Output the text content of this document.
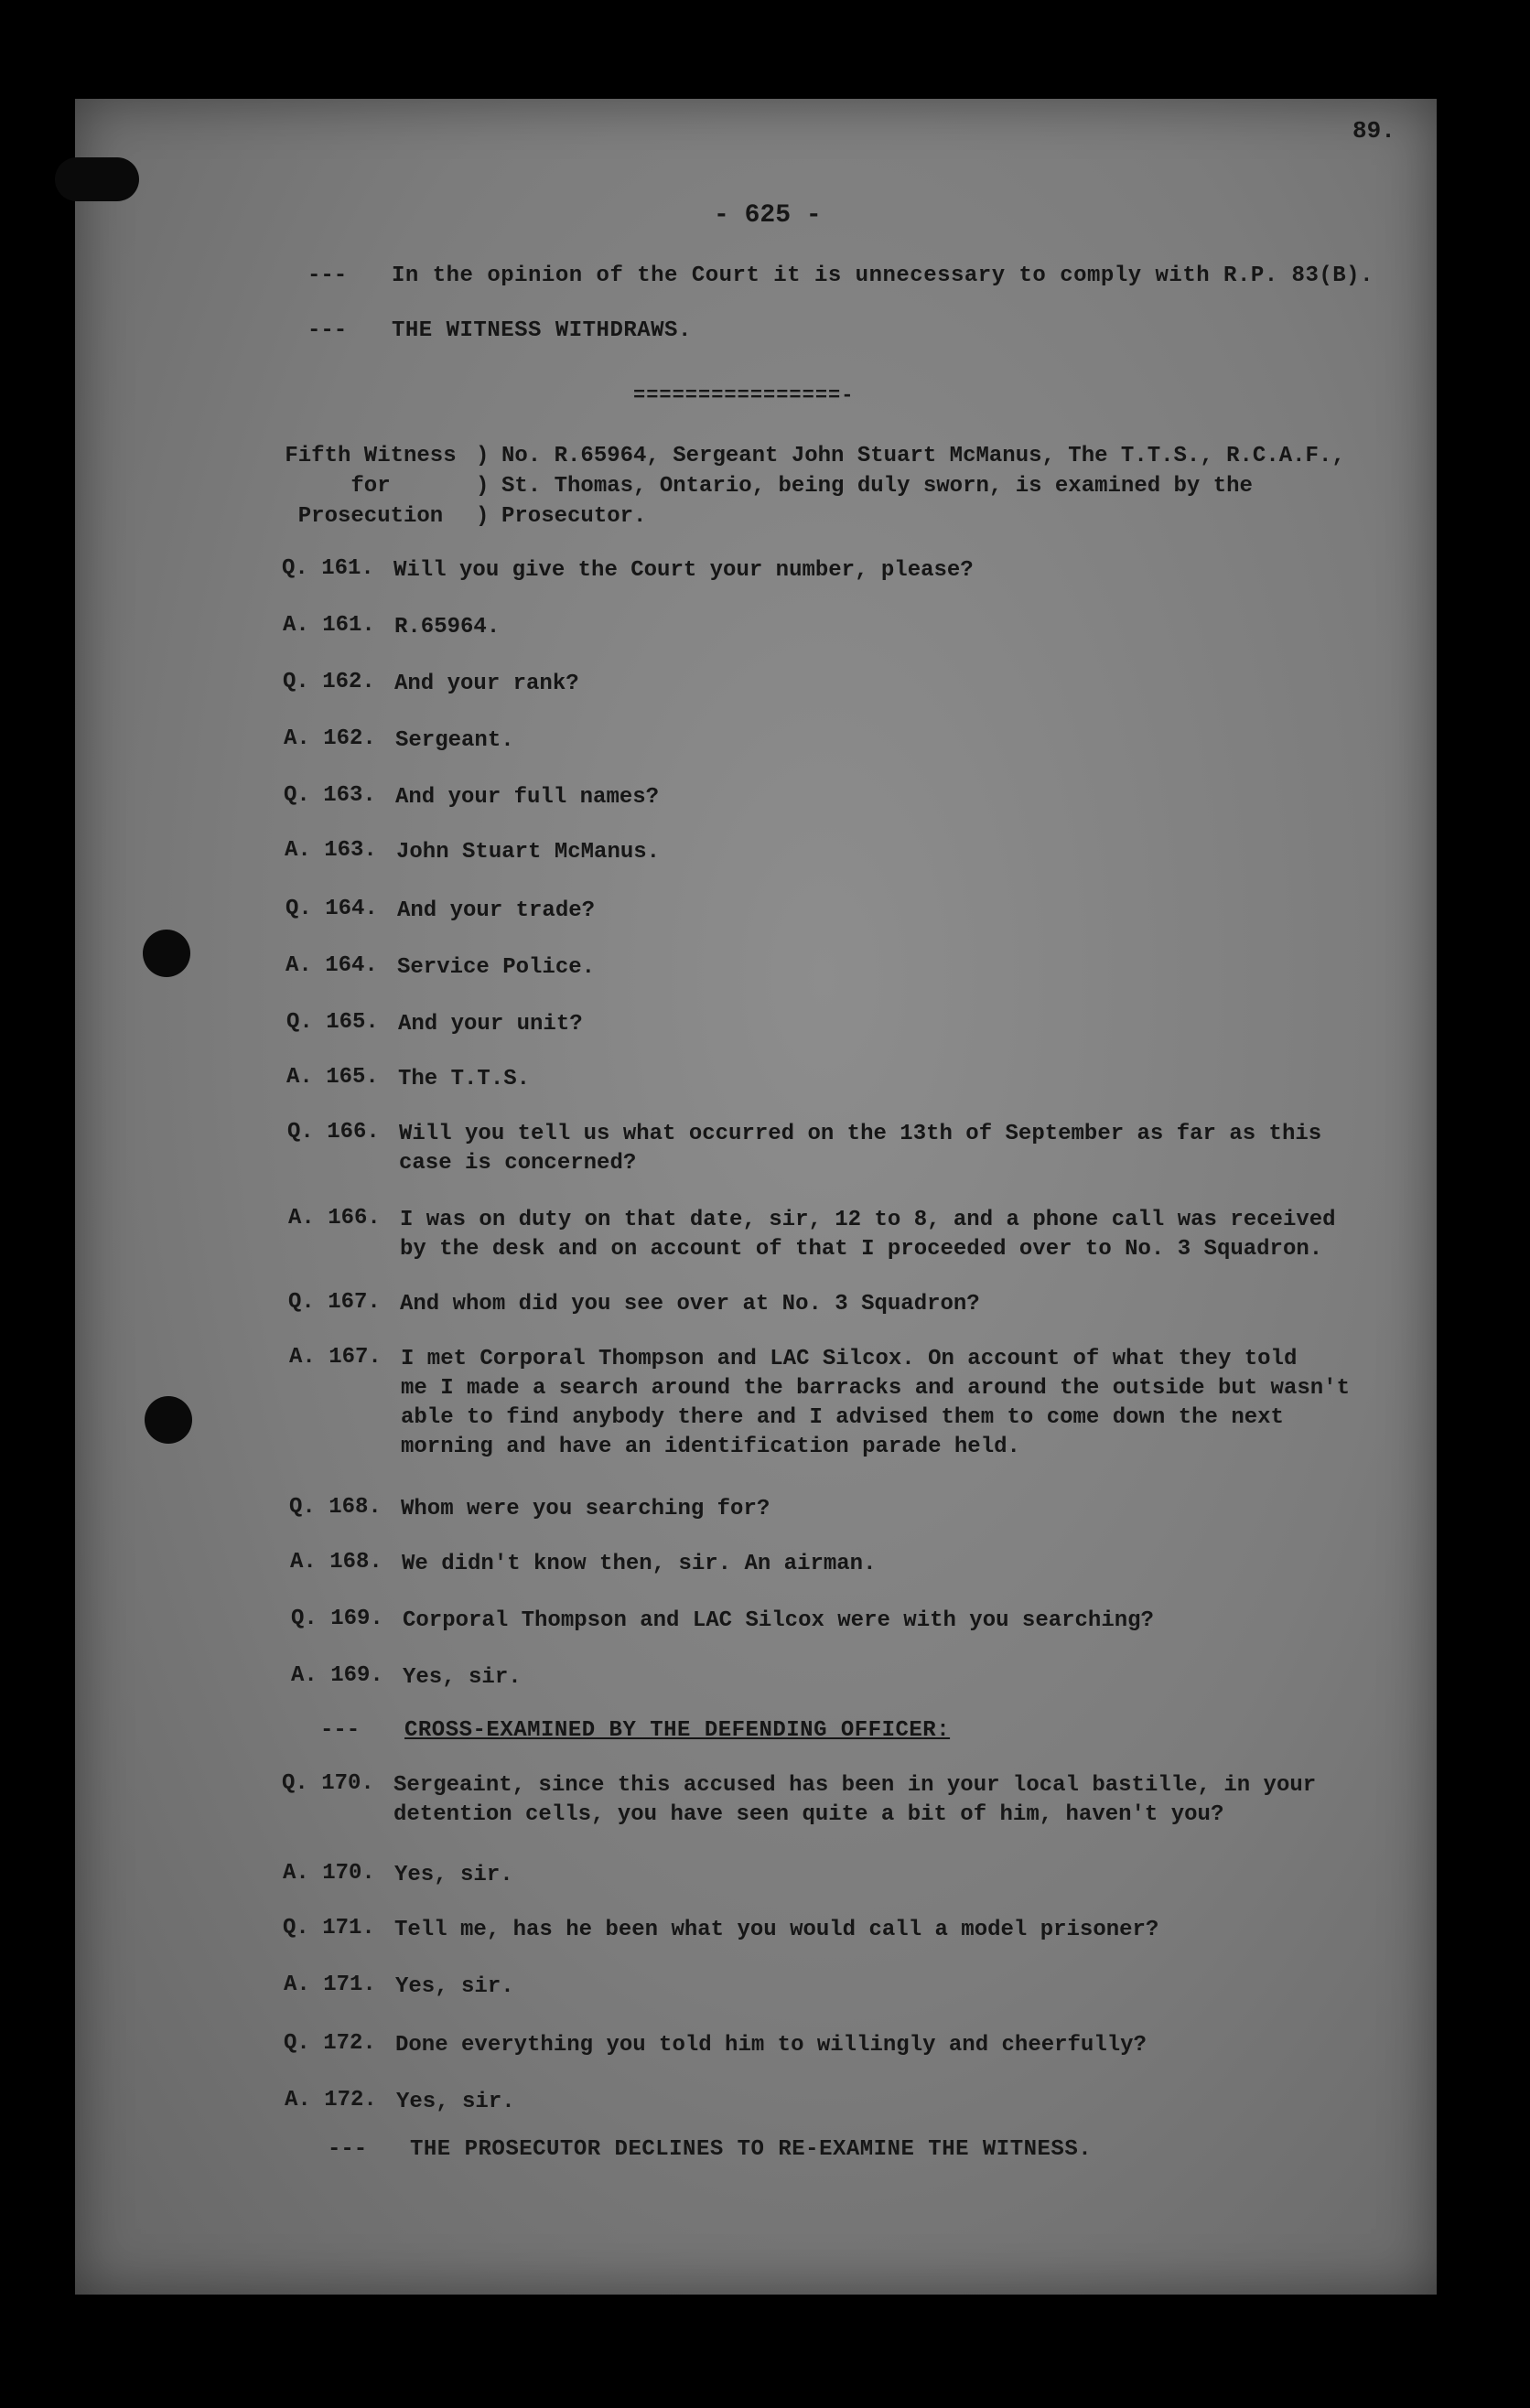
89.
- 625 -
--- In the opinion of the Court it is unnecessary to comply with R.P. 83(B).
--- THE WITNESS WITHDRAWS.
================-
Fifth Witness
for
Prosecution
)
)
)
No. R.65964, Sergeant John Stuart McManus, The T.T.S., R.C.A.F.,
St. Thomas, Ontario, being duly sworn, is examined by the
Prosecutor.
Q. 161. Will you give the Court your number, please?
A. 161. R.65964.
Q. 162. And your rank?
A. 162. Sergeant.
Q. 163. And your full names?
A. 163. John Stuart McManus.
Q. 164. And your trade?
A. 164. Service Police.
Q. 165. And your unit?
A. 165. The T.T.S.
Q. 166. Will you tell us what occurred on the 13th of September as far as this
case is concerned?
A. 166. I was on duty on that date, sir, 12 to 8, and a phone call was received
by the desk and on account of that I proceeded over to No. 3 Squadron.
Q. 167. And whom did you see over at No. 3 Squadron?
A. 167. I met Corporal Thompson and LAC Silcox. On account of what they told
me I made a search around the barracks and around the outside but wasn't
able to find anybody there and I advised them to come down the next
morning and have an identification parade held.
Q. 168. Whom were you searching for?
A. 168. We didn't know then, sir. An airman.
Q. 169. Corporal Thompson and LAC Silcox were with you searching?
A. 169. Yes, sir.
--- CROSS-EXAMINED BY THE DEFENDING OFFICER:
Q. 170. Sergeaint, since this accused has been in your local bastille, in your
detention cells, you have seen quite a bit of him, haven't you?
A. 170. Yes, sir.
Q. 171. Tell me, has he been what you would call a model prisoner?
A. 171. Yes, sir.
Q. 172. Done everything you told him to willingly and cheerfully?
A. 172. Yes, sir.
--- THE PROSECUTOR DECLINES TO RE-EXAMINE THE WITNESS.
